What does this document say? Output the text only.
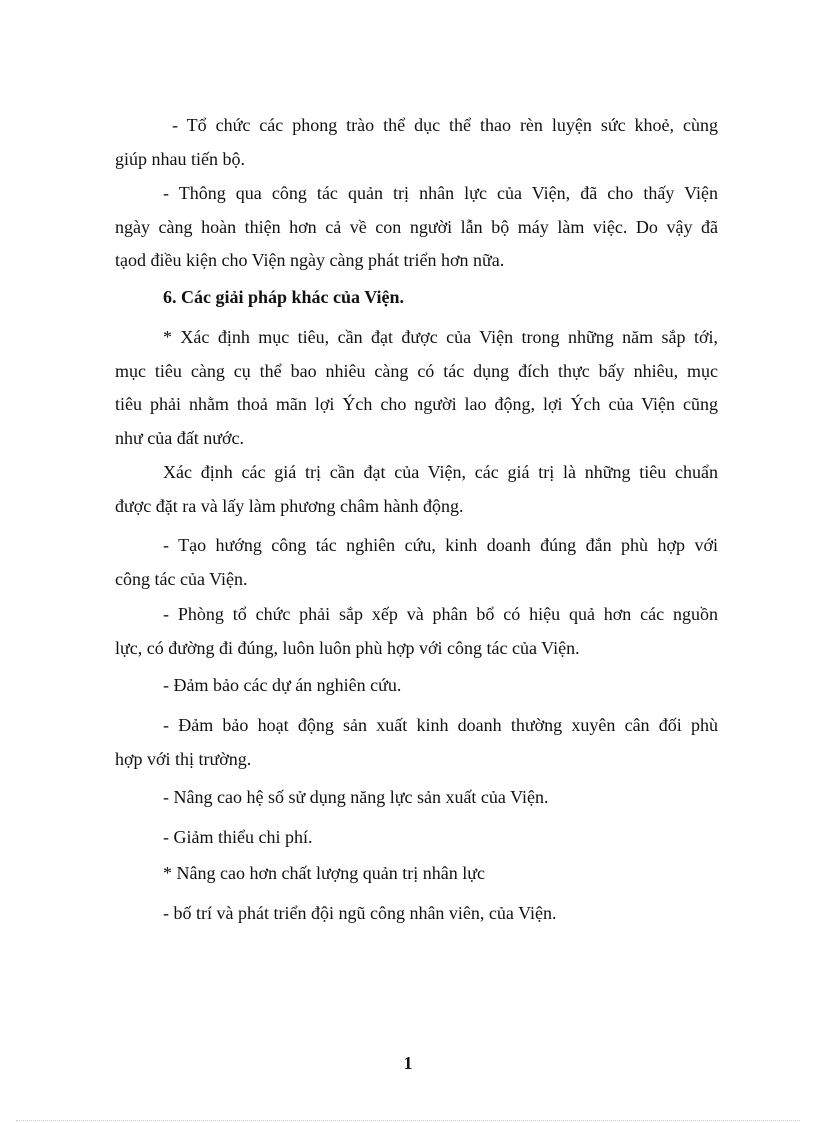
- Tổ chức các phong trào thể dục thể thao rèn luyện sức khoẻ, cùng
giúp nhau tiến bộ.
- Thông qua công tác quản trị nhân lực của Viện, đã cho thấy Viện
ngày càng hoàn thiện hơn cả về con người lẫn bộ máy làm việc. Do vậy đã
tạod điều kiện cho Viện ngày càng phát triển hơn nữa.
6. Các giải pháp khác của Viện.
* Xác định mục tiêu, cần đạt được của Viện trong những năm sắp tới,
mục tiêu càng cụ thể bao nhiêu càng có tác dụng đích thực bấy nhiêu, mục
tiêu phải nhằm thoả mãn lợi Ých cho người lao động, lợi Ých của Viện cũng
như của đất nước.
Xác định các giá trị cần đạt của Viện, các giá trị là những tiêu chuẩn
được đặt ra và lấy làm phương châm hành động.
- Tạo hướng công tác nghiên cứu, kinh doanh đúng đắn phù hợp với
công tác của Viện.
- Phòng tổ chức phải sắp xếp và phân bổ có hiệu quả hơn các nguồn
lực, có đường đi đúng, luôn luôn phù hợp với công tác của Viện.
- Đảm bảo các dự án nghiên cứu.
- Đảm bảo hoạt động sản xuất kinh doanh thường xuyên cân đối phù
hợp với thị trường.
- Nâng cao hệ số sử dụng năng lực sản xuất của Viện.
- Giảm thiểu chi phí.
* Nâng cao hơn chất lượng quản trị nhân lực
- bố trí và phát triển đội ngũ công nhân viên, của Viện.
1
